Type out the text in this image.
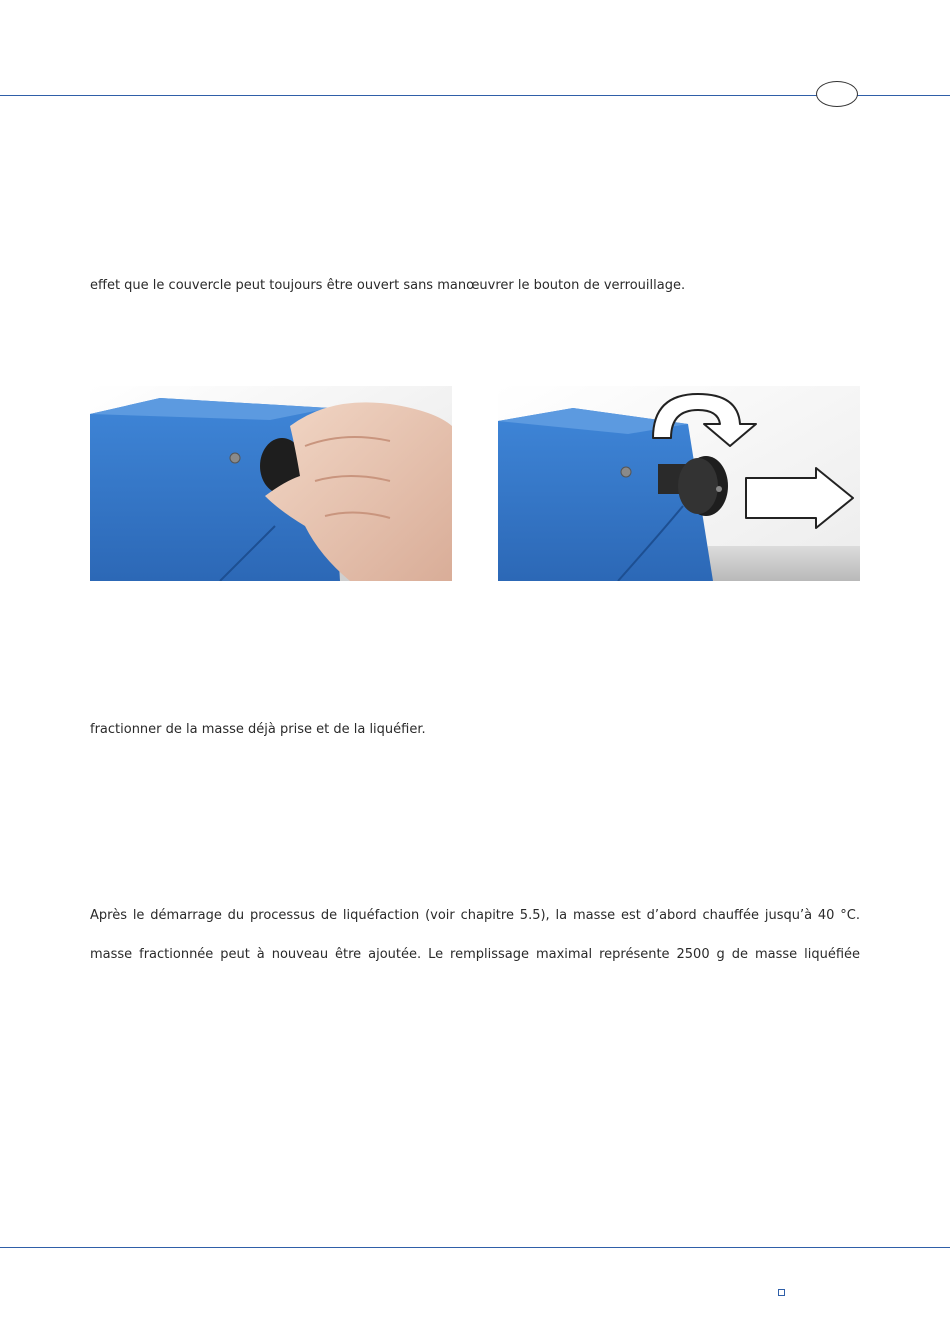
effet que le couvercle peut toujours être ouvert sans manœuvrer le bouton de verrouillage.
fractionner de la masse déjà prise et de la liquéfier.
Après le démarrage du processus de liquéfaction (voir chapitre 5.5), la masse est d’abord chauffée jusqu’à 40 °C.
masse fractionnée peut à nouveau être ajoutée. Le remplissage maximal représente 2500 g de masse liquéfiée
